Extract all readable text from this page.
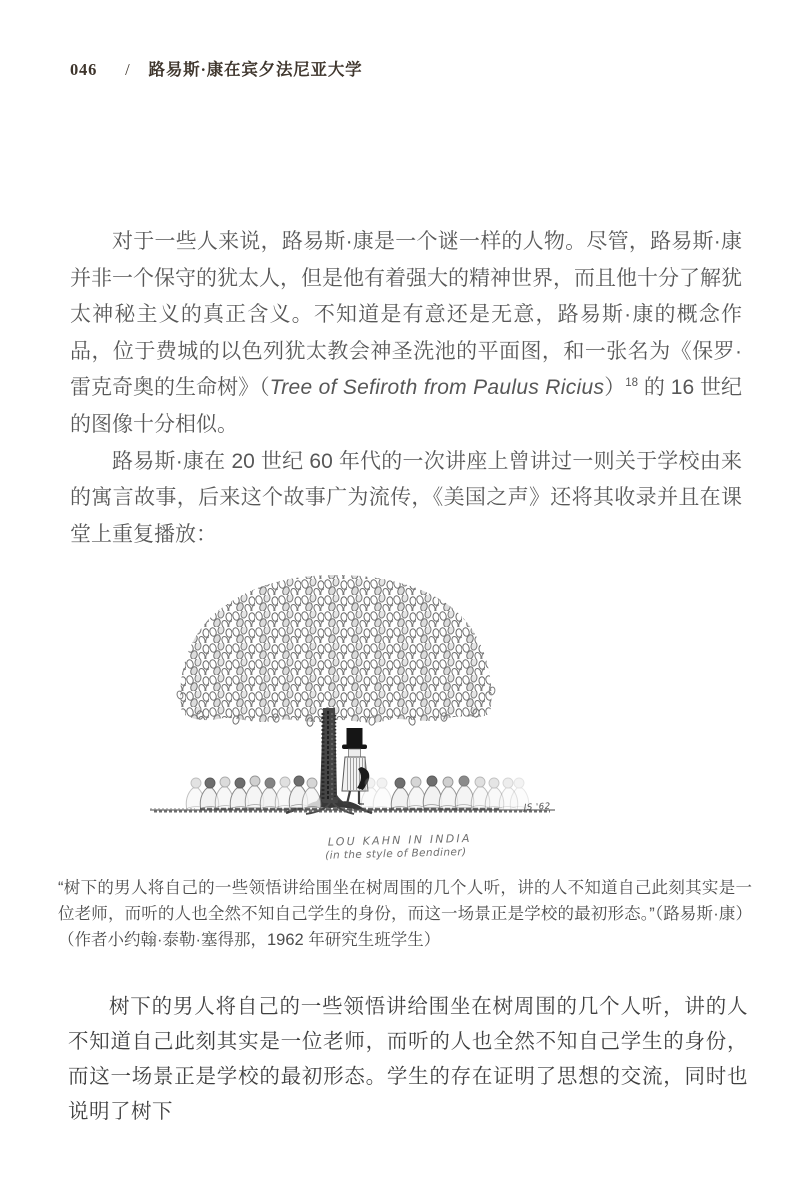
046 / 路易斯·康在宾夕法尼亚大学

对于一些人来说，路易斯·康是一个谜一样的人物。尽管，路易斯·康并非一个保守的犹太人，但是他有着强大的精神世界，而且他十分了解犹太神秘主义的真正含义。不知道是有意还是无意，路易斯·康的概念作品，位于费城的以色列犹太教会神圣洗池的平面图，和一张名为《保罗·雷克奇奥的生命树》（Tree of Sefiroth from Paulus Ricius）$^{18}$ 的 16 世纪的图像十分相似。

路易斯·康在 20 世纪 60 年代的一次讲座上曾讲过一则关于学校由来的寓言故事，后来这个故事广为流传，《美国之声》还将其收录并且在课堂上重复播放：

JS '62
LOU KAHN IN INDIA
(in the style of Bendiner)

“树下的男人将自己的一些领悟讲给围坐在树周围的几个人听，讲的人不知道自己此刻其实是一位老师，而听的人也全然不知自己学生的身份，而这一场景正是学校的最初形态。”（路易斯·康）（作者小约翰·泰勒·塞得那，1962 年研究生班学生）

树下的男人将自己的一些领悟讲给围坐在树周围的几个人听，讲的人不知道自己此刻其实是一位老师，而听的人也全然不知自己学生的身份，而这一场景正是学校的最初形态。学生的存在证明了思想的交流，同时也说明了树下
